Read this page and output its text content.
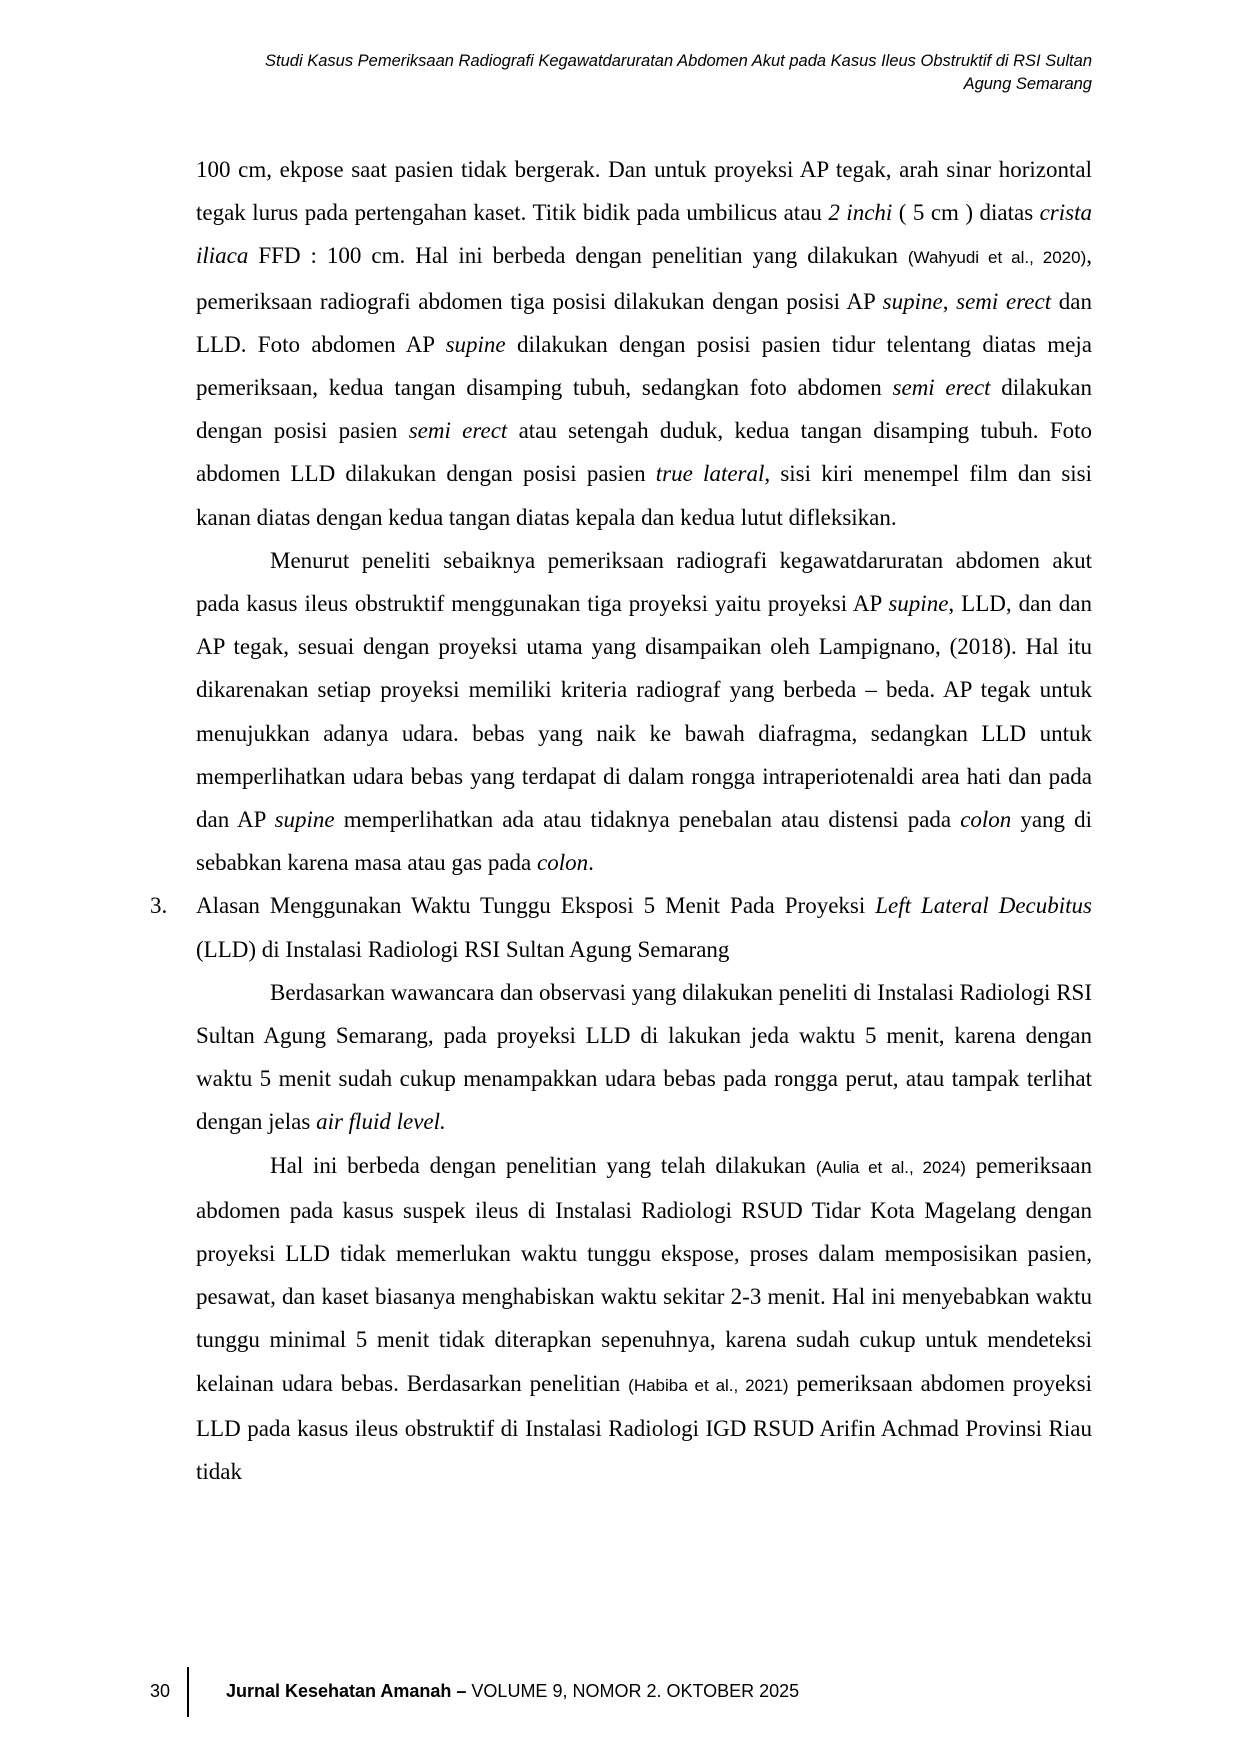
Studi Kasus Pemeriksaan Radiografi Kegawatdaruratan Abdomen Akut pada Kasus Ileus Obstruktif di RSI Sultan
Agung Semarang

100 cm, ekpose saat pasien tidak bergerak. Dan untuk proyeksi AP tegak, arah sinar horizontal tegak lurus pada pertengahan kaset. Titik bidik pada umbilicus atau 2 inchi ( 5 cm ) diatas crista iliaca FFD : 100 cm. Hal ini berbeda dengan penelitian yang dilakukan (Wahyudi et al., 2020), pemeriksaan radiografi abdomen tiga posisi dilakukan dengan posisi AP supine, semi erect dan LLD. Foto abdomen AP supine dilakukan dengan posisi pasien tidur telentang diatas meja pemeriksaan, kedua tangan disamping tubuh, sedangkan foto abdomen semi erect dilakukan dengan posisi pasien semi erect atau setengah duduk, kedua tangan disamping tubuh. Foto abdomen LLD dilakukan dengan posisi pasien true lateral, sisi kiri menempel film dan sisi kanan diatas dengan kedua tangan diatas kepala dan kedua lutut difleksikan.

Menurut peneliti sebaiknya pemeriksaan radiografi kegawatdaruratan abdomen akut pada kasus ileus obstruktif menggunakan tiga proyeksi yaitu proyeksi AP supine, LLD, dan dan AP tegak, sesuai dengan proyeksi utama yang disampaikan oleh Lampignano, (2018). Hal itu dikarenakan setiap proyeksi memiliki kriteria radiograf yang berbeda – beda. AP tegak untuk menujukkan adanya udara. bebas yang naik ke bawah diafragma, sedangkan LLD untuk memperlihatkan udara bebas yang terdapat di dalam rongga intraperiotenaldi area hati dan pada dan AP supine memperlihatkan ada atau tidaknya penebalan atau distensi pada colon yang di sebabkan karena masa atau gas pada colon.

3. Alasan Menggunakan Waktu Tunggu Eksposi 5 Menit Pada Proyeksi Left Lateral Decubitus (LLD) di Instalasi Radiologi RSI Sultan Agung Semarang

Berdasarkan wawancara dan observasi yang dilakukan peneliti di Instalasi Radiologi RSI Sultan Agung Semarang, pada proyeksi LLD di lakukan jeda waktu 5 menit, karena dengan waktu 5 menit sudah cukup menampakkan udara bebas pada rongga perut, atau tampak terlihat dengan jelas air fluid level.

Hal ini berbeda dengan penelitian yang telah dilakukan (Aulia et al., 2024) pemeriksaan abdomen pada kasus suspek ileus di Instalasi Radiologi RSUD Tidar Kota Magelang dengan proyeksi LLD tidak memerlukan waktu tunggu ekspose, proses dalam memposisikan pasien, pesawat, dan kaset biasanya menghabiskan waktu sekitar 2-3 menit. Hal ini menyebabkan waktu tunggu minimal 5 menit tidak diterapkan sepenuhnya, karena sudah cukup untuk mendeteksi kelainan udara bebas. Berdasarkan penelitian (Habiba et al., 2021) pemeriksaan abdomen proyeksi LLD pada kasus ileus obstruktif di Instalasi Radiologi IGD RSUD Arifin Achmad Provinsi Riau tidak

30	Jurnal Kesehatan Amanah – VOLUME 9, NOMOR 2. OKTOBER 2025
